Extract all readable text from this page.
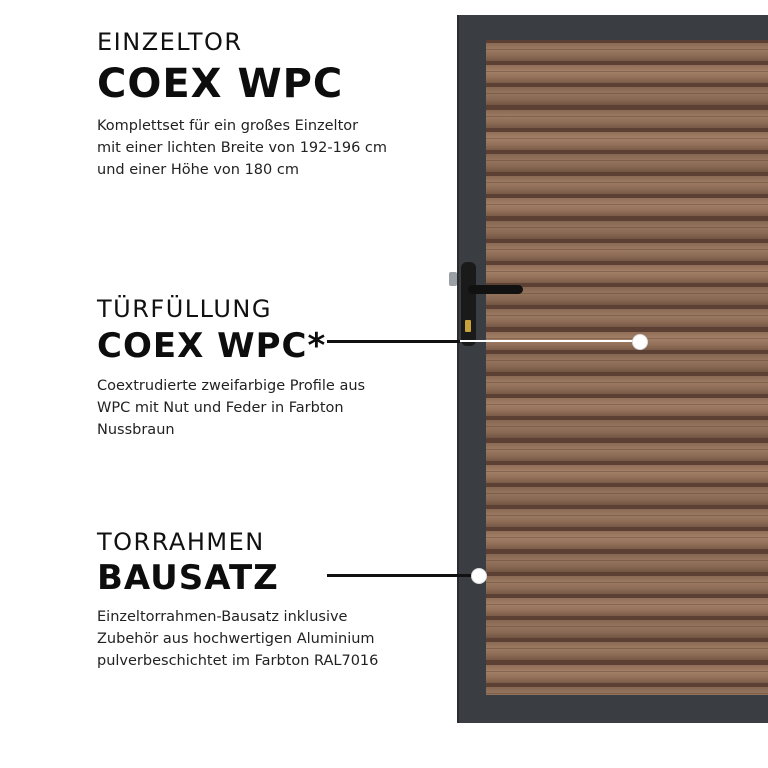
EINZELTOR
COEX WPC
Komplettset für ein großes Einzeltor
mit einer lichten Breite von 192-196 cm
und einer Höhe von 180 cm
TÜRFÜLLUNG
COEX WPC*
Coextrudierte zweifarbige Profile aus
WPC mit Nut und Feder in Farbton
Nussbraun
TORRAHMEN
BAUSATZ
Einzeltorrahmen-Bausatz inklusive
Zubehör aus hochwertigen Aluminium
pulverbeschichtet im Farbton RAL7016
